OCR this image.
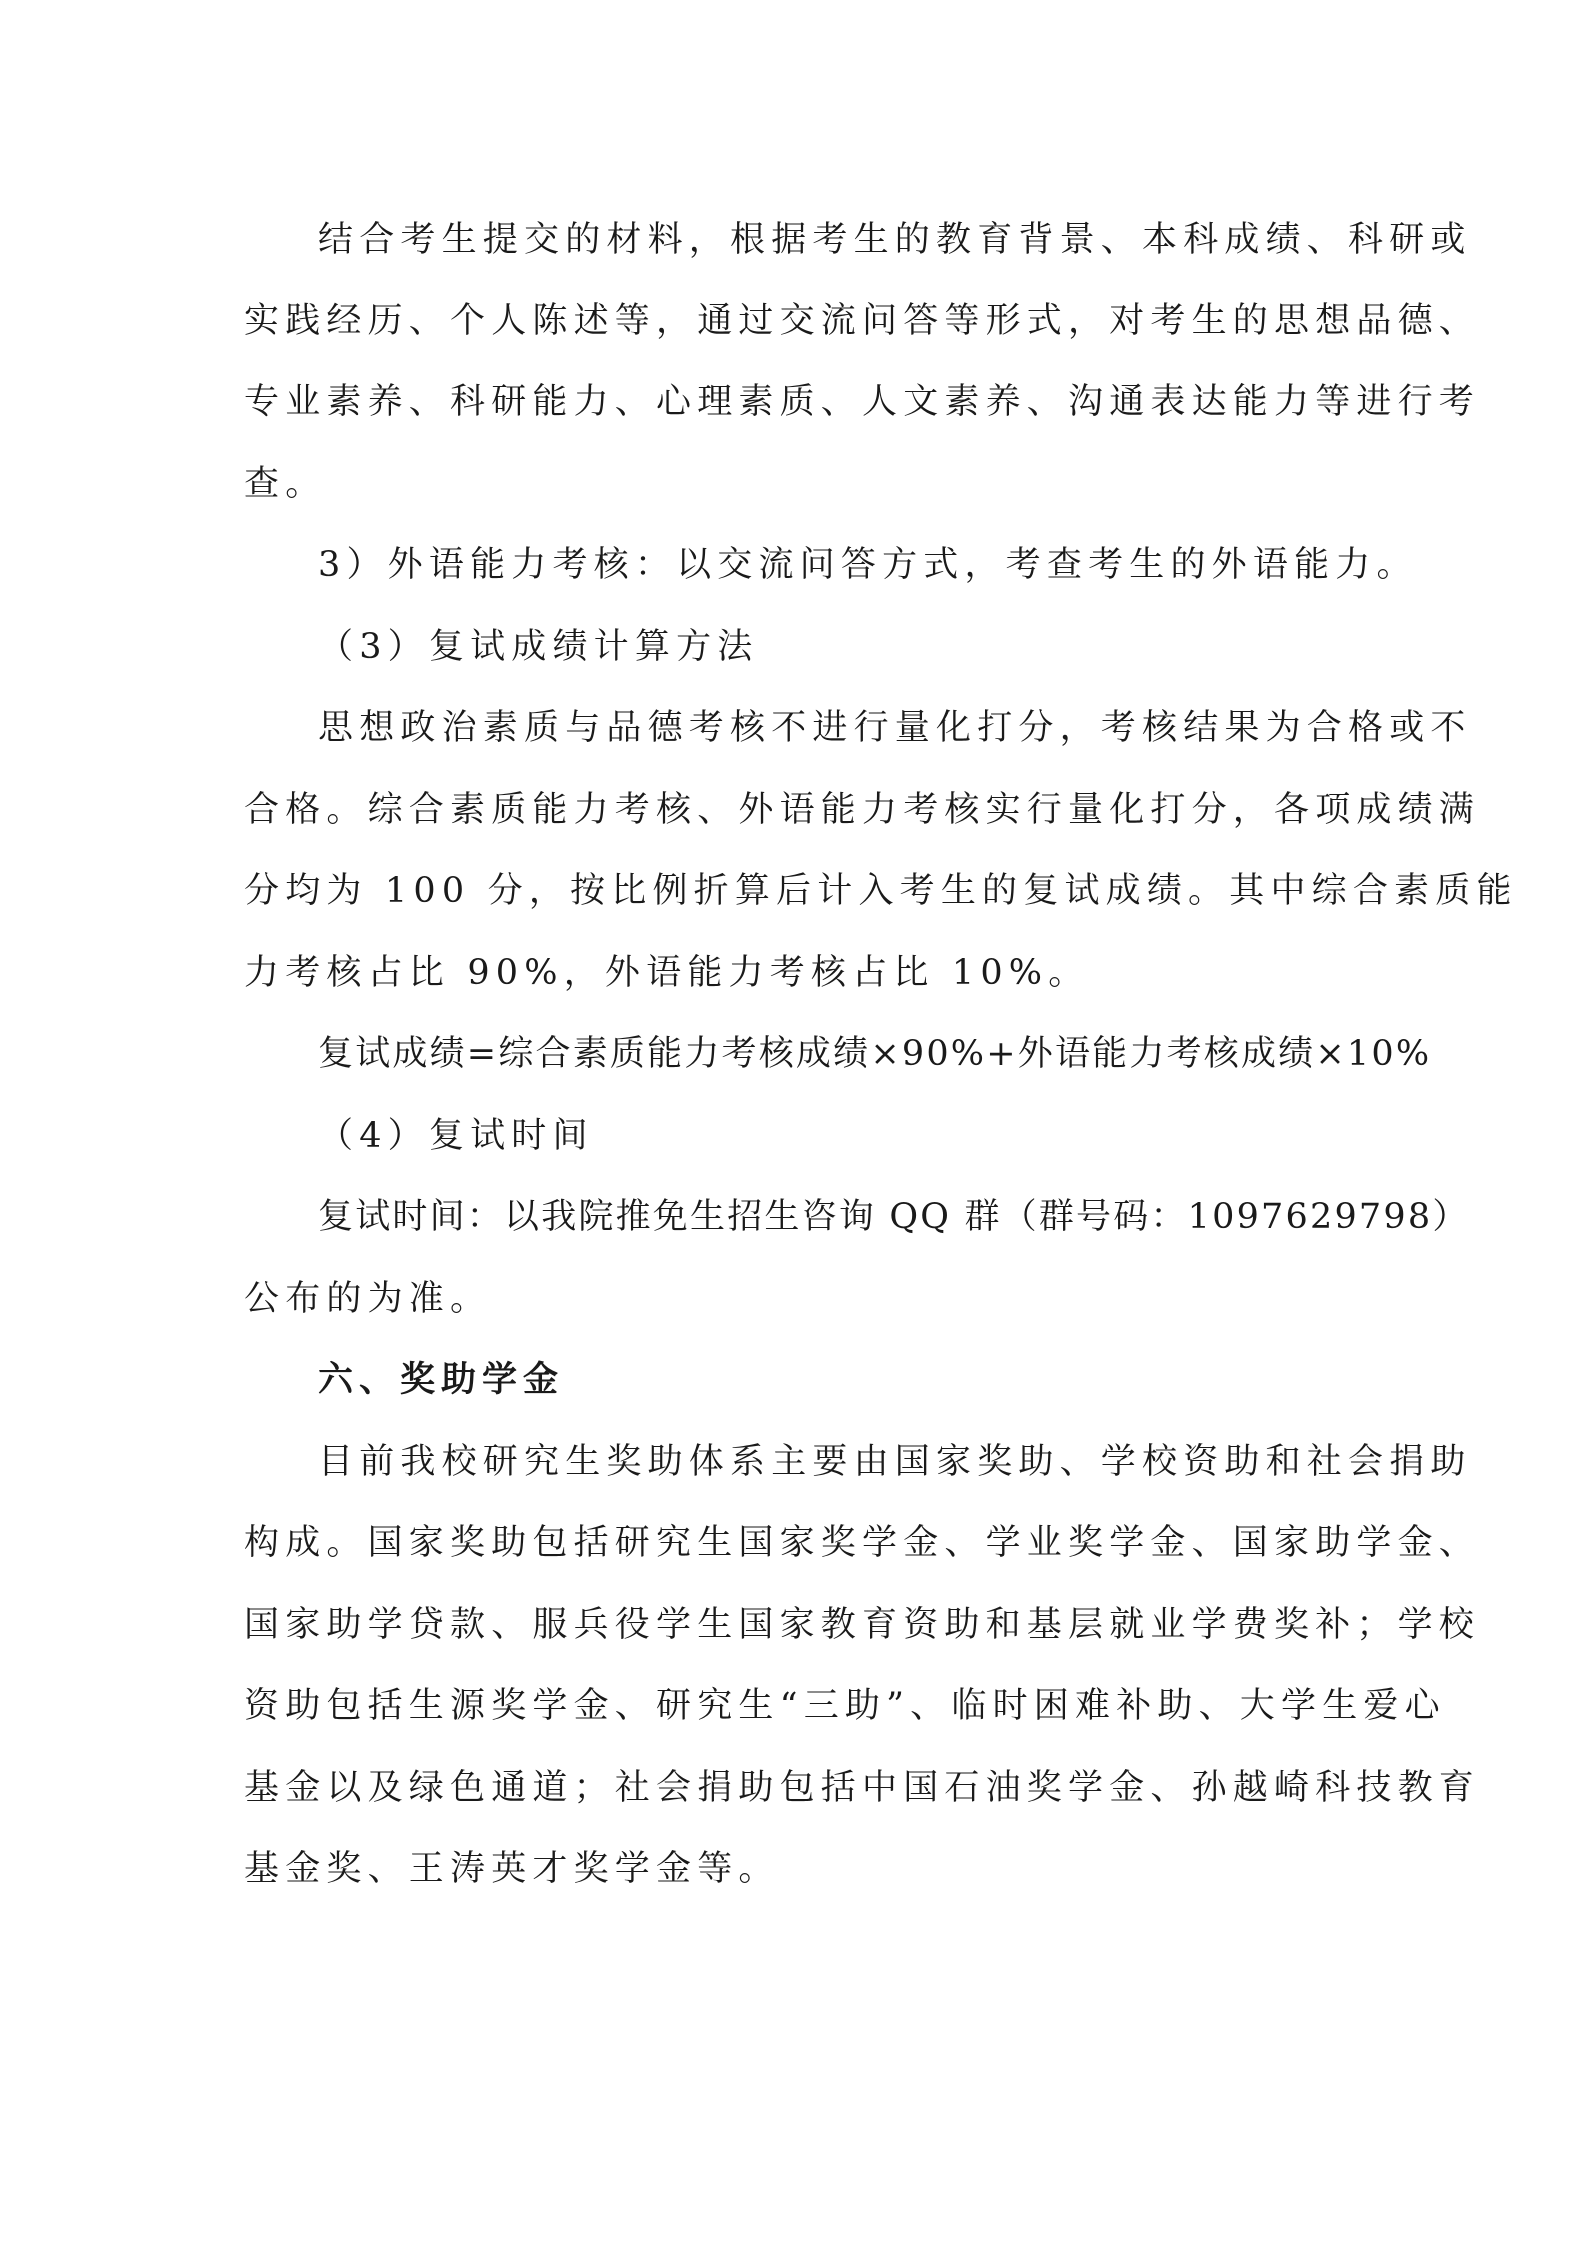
结合考生提交的材料，根据考生的教育背景、本科成绩、科研或
实践经历、个人陈述等，通过交流问答等形式，对考生的思想品德、
专业素养、科研能力、心理素质、人文素养、沟通表达能力等进行考
查。
3）外语能力考核：以交流问答方式，考查考生的外语能力。
（3）复试成绩计算方法
思想政治素质与品德考核不进行量化打分，考核结果为合格或不
合格。综合素质能力考核、外语能力考核实行量化打分，各项成绩满
分均为 100 分，按比例折算后计入考生的复试成绩。其中综合素质能
力考核占比 90%，外语能力考核占比 10%。
复试成绩=综合素质能力考核成绩×90%+外语能力考核成绩×10%
（4）复试时间
复试时间：以我院推免生招生咨询 QQ 群（群号码：1097629798）
公布的为准。
六、奖助学金
目前我校研究生奖助体系主要由国家奖助、学校资助和社会捐助
构成。国家奖助包括研究生国家奖学金、学业奖学金、国家助学金、
国家助学贷款、服兵役学生国家教育资助和基层就业学费奖补；学校
资助包括生源奖学金、研究生“三助”、临时困难补助、大学生爱心
基金以及绿色通道；社会捐助包括中国石油奖学金、孙越崎科技教育
基金奖、王涛英才奖学金等。
